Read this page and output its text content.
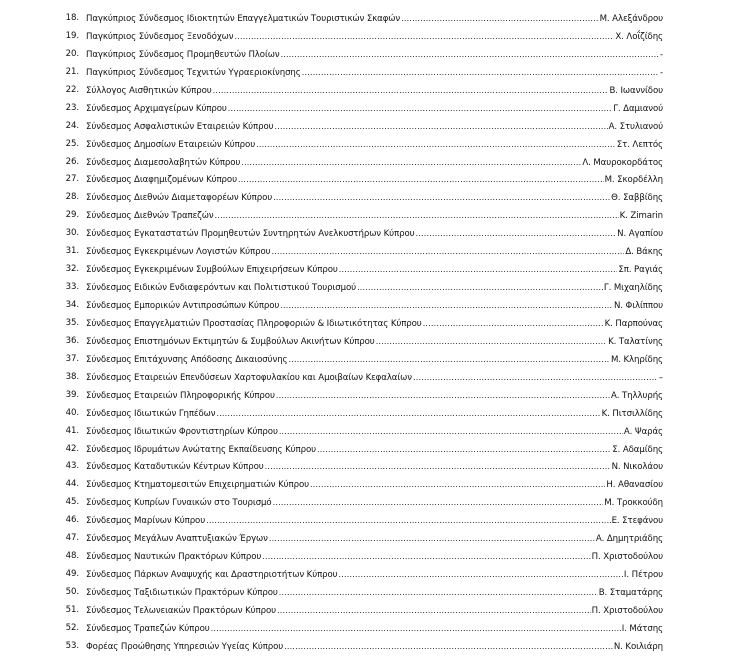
18. Παγκύπριος Σύνδεσμος Ιδιοκτητών Επαγγελματικών Τουριστικών Σκαφών .....	Μ. Αλεξάνδρου
19. Παγκύπριος Σύνδεσμος Ξενοδόχων .....	Χ. Λοΐζίδης
20. Παγκύπριος Σύνδεσμος Προμηθευτών Πλοίων .....	-
21. Παγκύπριος Σύνδεσμος Τεχνιτών Υγραεριοκίνησης .....	-
22. Σύλλογος Αισθητικών Κύπρου .....	Β. Ιωαννίδου
23. Σύνδεσμος Αρχιμαγείρων Κύπρου .....	Γ. Δαμιανού
24. Σύνδεσμος Ασφαλιστικών Εταιρειών Κύπρου .....	Α. Στυλιανού
25. Σύνδεσμος Δημοσίων Εταιρειών Κύπρου .....	Στ. Λεπτός
26. Σύνδεσμος Διαμεσολαβητών Κύπρου .....	Λ. Μαυροκορδάτος
27. Σύνδεσμος Διαφημιζομένων Κύπρου .....	Μ. Σκορδέλλη
28. Σύνδεσμος Διεθνών Διαμεταφορέων Κύπρου .....	Θ. Σαββίδης
29. Σύνδεσμος Διεθνών Τραπεζών .....	Κ. Zimarin
30. Σύνδεσμος Εγκαταστατών Προμηθευτών Συντηρητών Ανελκυστήρων Κύπρου .....	Ν. Αγαπίου
31. Σύνδεσμος Εγκεκριμένων Λογιστών Κύπρου .....	Δ. Βάκης
32. Σύνδεσμος Εγκεκριμένων Συμβούλων Επιχειρήσεων Κύπρου .....	Σπ. Ραγιάς
33. Σύνδεσμος Ειδικών Ενδιαφερόντων και Πολιτιστικού Τουρισμού .....	Γ. Μιχαηλίδης
34. Σύνδεσμος Εμπορικών Αντιπροσώπων Κύπρου .....	Ν. Φιλίππου
35. Σύνδεσμος Επαγγελματιών Προστασίας Πληροφοριών & Ιδιωτικότητας Κύπρου .....	Κ. Παρπούνας
36. Σύνδεσμος Επιστημόνων Εκτιμητών & Συμβούλων Ακινήτων Κύπρου .....	Κ. Ταλατίνης
37. Σύνδεσμος Επιτάχυνσης Απόδοσης Δικαιοσύνης .....	Μ. Κληρίδης
38. Σύνδεσμος Εταιρειών Επενδύσεων Χαρτοφυλακίου και Αμοιβαίων Κεφαλαίων .....	–
39. Σύνδεσμος Εταιρειών Πληροφορικής Κύπρου .....	Α. Τηλλυρής
40. Σύνδεσμος Ιδιωτικών Γηπέδων .....	Κ. Πιτσιλλίδης
41. Σύνδεσμος Ιδιωτικών Φροντιστηρίων Κύπρου .....	Α. Ψαράς
42. Σύνδεσμος Ιδρυμάτων Ανώτατης Εκπαίδευσης Κύπρου .....	Σ. Αδαμίδης
43. Σύνδεσμος Καταδυτικών Κέντρων Κύπρου .....	Ν. Νικολάου
44. Σύνδεσμος Κτηματομεσιτών Επιχειρηματιών Κύπρου .....	Η. Αθανασίου
45. Σύνδεσμος Κυπρίων Γυναικών στο Τουρισμό .....	Μ. Τροκκούδη
46. Σύνδεσμος Μαρίνων Κύπρου .....	Ε. Στεφάνου
47. Σύνδεσμος Μεγάλων Αναπτυξιακών Έργων .....	Α. Δημητριάδης
48. Σύνδεσμος Ναυτικών Πρακτόρων Κύπρου .....	Π. Χριστοδούλου
49. Σύνδεσμος Πάρκων Αναψυχής και Δραστηριοτήτων Κύπρου .....	Ι. Πέτρου
50. Σύνδεσμος Ταξιδιωτικών Πρακτόρων Κύπρου .....	Β. Σταματάρης
51. Σύνδεσμος Τελωνειακών Πρακτόρων Κύπρου .....	Π. Χριστοδούλου
52. Σύνδεσμος Τραπεζών Κύπρου .....	Ι. Μάτσης
53. Φορέας Προώθησης Υπηρεσιών Υγείας Κύπρου .....	Ν. Κοιλιάρη
